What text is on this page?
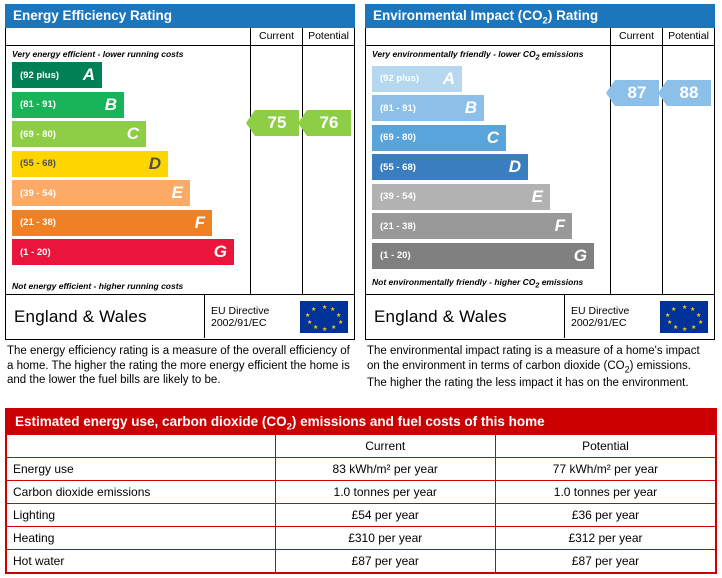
Energy Efficiency Rating
Current	Potential
Very energy efficient - lower running costs
(92 plus) A
(81 - 91)	B
(69 - 80)	C
(55 - 68)	D
(39 - 54)	E
(21 - 38)	F
(1 - 20)	G
Not energy efficient - higher running costs
75	76
England & Wales	EU Directive
2002/91/EC
★ ★
★
★
★
★
★
★
★
★
The energy efficiency rating is a measure of the overall efficiency of a home. The higher the rating the more energy efficient the home is and the lower the fuel bills are likely to be.
Environmental Impact $(CO_2)$ Rating
Current	Potential
Very environmentally friendly - lower $CO_2$ emissions
(92 plus) A
(81 - 91)	B
(69 - 80)	C
(55 - 68)	D
(39 - 54)	E
(21 - 38)	F
(1 - 20)	G
Not environmentally friendly - higher $CO_2$ emissions
87	88
England & Wales	EU Directive
2002/91/EC
★ ★
★
★
★
★
★
★
★
★
The environmental impact rating is a measure of a home's impact on the environment in terms of carbon dioxide $(CO_2)$ emissions. The higher the rating the less impact it has on the environment.
Estimated energy use, carbon dioxide $(CO_2)$ emissions and fuel costs of this home
	Current	Potential
Energy use	83 kWh/m² per year	77 kWh/m² per year
Carbon dioxide emissions	1.0 tonnes per year	1.0 tonnes per year
Lighting	£54 per year	£36 per year
Heating	£310 per year	£312 per year
Hot water	£87 per year	£87 per year
